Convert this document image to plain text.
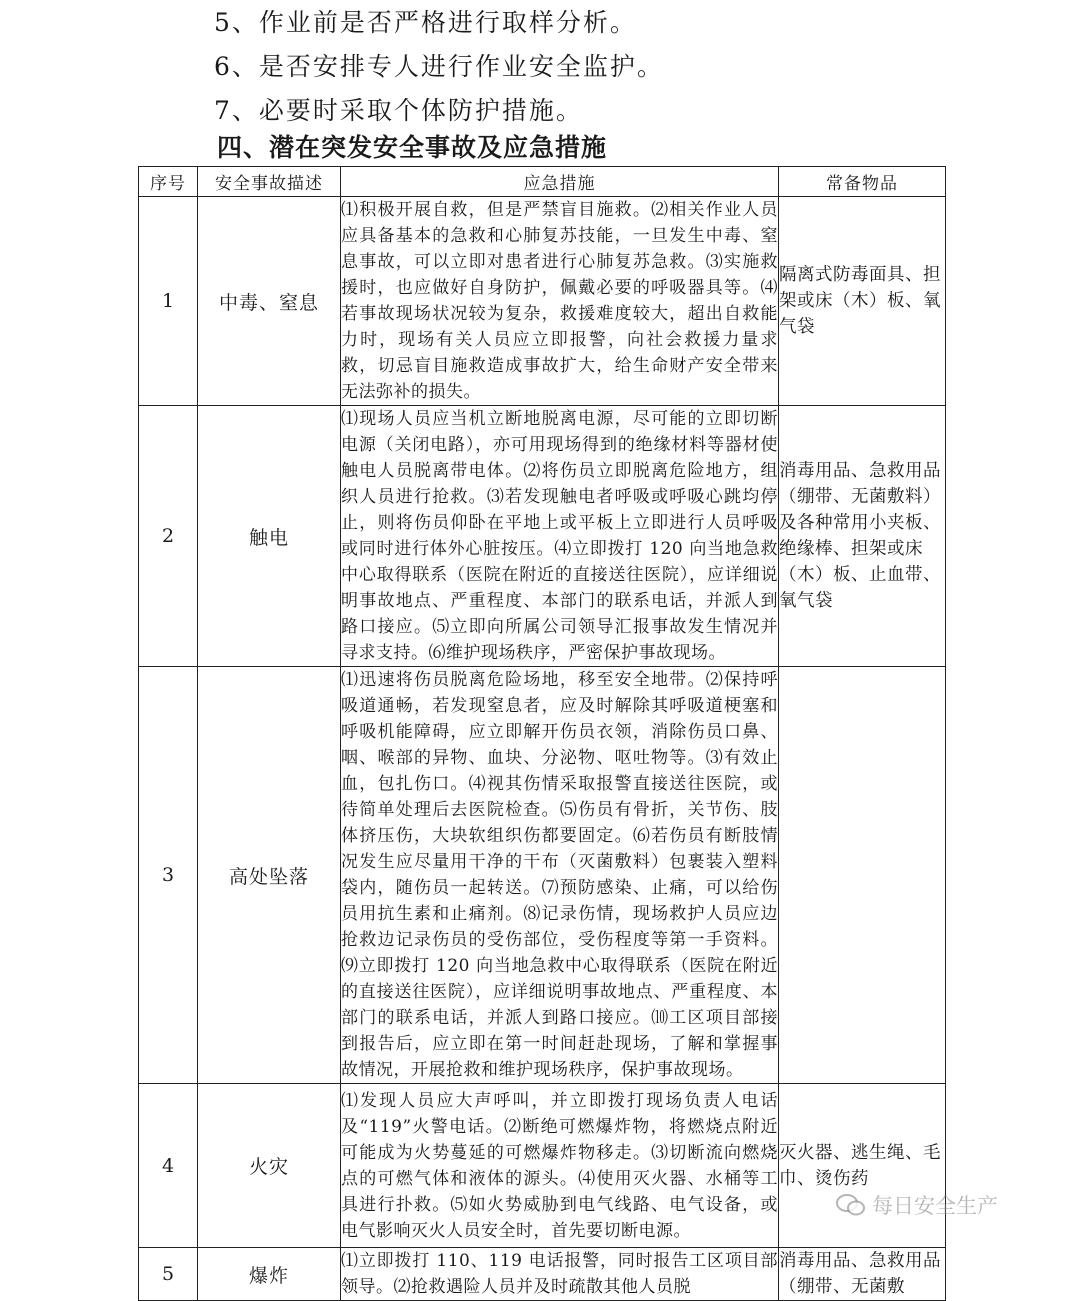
5、作业前是否严格进行取样分析。

6、是否安排专人进行作业安全监护。

7、必要时采取个体防护措施。

四、潜在突发安全事故及应急措施
序号	安全事故描述	应急措施	常备物品
1	中毒、窒息	⑴积极开展自救，但是严禁盲目施救。⑵相关作业人员应具备基本的急救和心肺复苏技能，一旦发生中毒、窒息事故，可以立即对患者进行心肺复苏急救。⑶实施救援时，也应做好自身防护，佩戴必要的呼吸器具等。⑷若事故现场状况较为复杂，救援难度较大，超出自救能力时，现场有关人员应立即报警，向社会救援力量求救，切忌盲目施救造成事故扩大，给生命财产安全带来无法弥补的损失。	隔离式防毒面具、担架或床（木）板、氧气袋
2	触电	⑴现场人员应当机立断地脱离电源，尽可能的立即切断电源（关闭电路），亦可用现场得到的绝缘材料等器材使触电人员脱离带电体。⑵将伤员立即脱离危险地方，组织人员进行抢救。⑶若发现触电者呼吸或呼吸心跳均停止，则将伤员仰卧在平地上或平板上立即进行人员呼吸或同时进行体外心脏按压。⑷立即拨打 120 向当地急救中心取得联系（医院在附近的直接送往医院），应详细说明事故地点、严重程度、本部门的联系电话，并派人到路口接应。⑸立即向所属公司领导汇报事故发生情况并寻求支持。⑹维护现场秩序，严密保护事故现场。	消毒用品、急救用品（绷带、无菌敷料）及各种常用小夹板、绝缘棒、担架或床（木）板、止血带、氧气袋
3	高处坠落	⑴迅速将伤员脱离危险场地，移至安全地带。⑵保持呼吸道通畅，若发现窒息者，应及时解除其呼吸道梗塞和呼吸机能障碍，应立即解开伤员衣领，消除伤员口鼻、咽、喉部的异物、血块、分泌物、呕吐物等。⑶有效止血，包扎伤口。⑷视其伤情采取报警直接送往医院，或待简单处理后去医院检查。⑸伤员有骨折，关节伤、肢体挤压伤，大块软组织伤都要固定。⑹若伤员有断肢情况发生应尽量用干净的干布（灭菌敷料）包裹装入塑料袋内，随伤员一起转送。⑺预防感染、止痛，可以给伤员用抗生素和止痛剂。⑻记录伤情，现场救护人员应边抢救边记录伤员的受伤部位，受伤程度等第一手资料。⑼立即拨打 120 向当地急救中心取得联系（医院在附近的直接送往医院），应详细说明事故地点、严重程度、本部门的联系电话，并派人到路口接应。⑽工区项目部接到报告后，应立即在第一时间赶赴现场，了解和掌握事故情况，开展抢救和维护现场秩序，保护事故现场。	
4	火灾	⑴发现人员应大声呼叫，并立即拨打现场负责人电话及“119”火警电话。⑵断绝可燃爆炸物，将燃烧点附近可能成为火势蔓延的可燃爆炸物移走。⑶切断流向燃烧点的可燃气体和液体的源头。⑷使用灭火器、水桶等工具进行扑救。⑸如火势威胁到电气线路、电气设备，或电气影响灭火人员安全时，首先要切断电源。	灭火器、逃生绳、毛巾、烫伤药
5	爆炸	⑴立即拨打 110、119 电话报警，同时报告工区项目部领导。⑵抢救遇险人员并及时疏散其他人员脱	消毒用品、急救用品（绷带、无菌敷
每日安全生产
